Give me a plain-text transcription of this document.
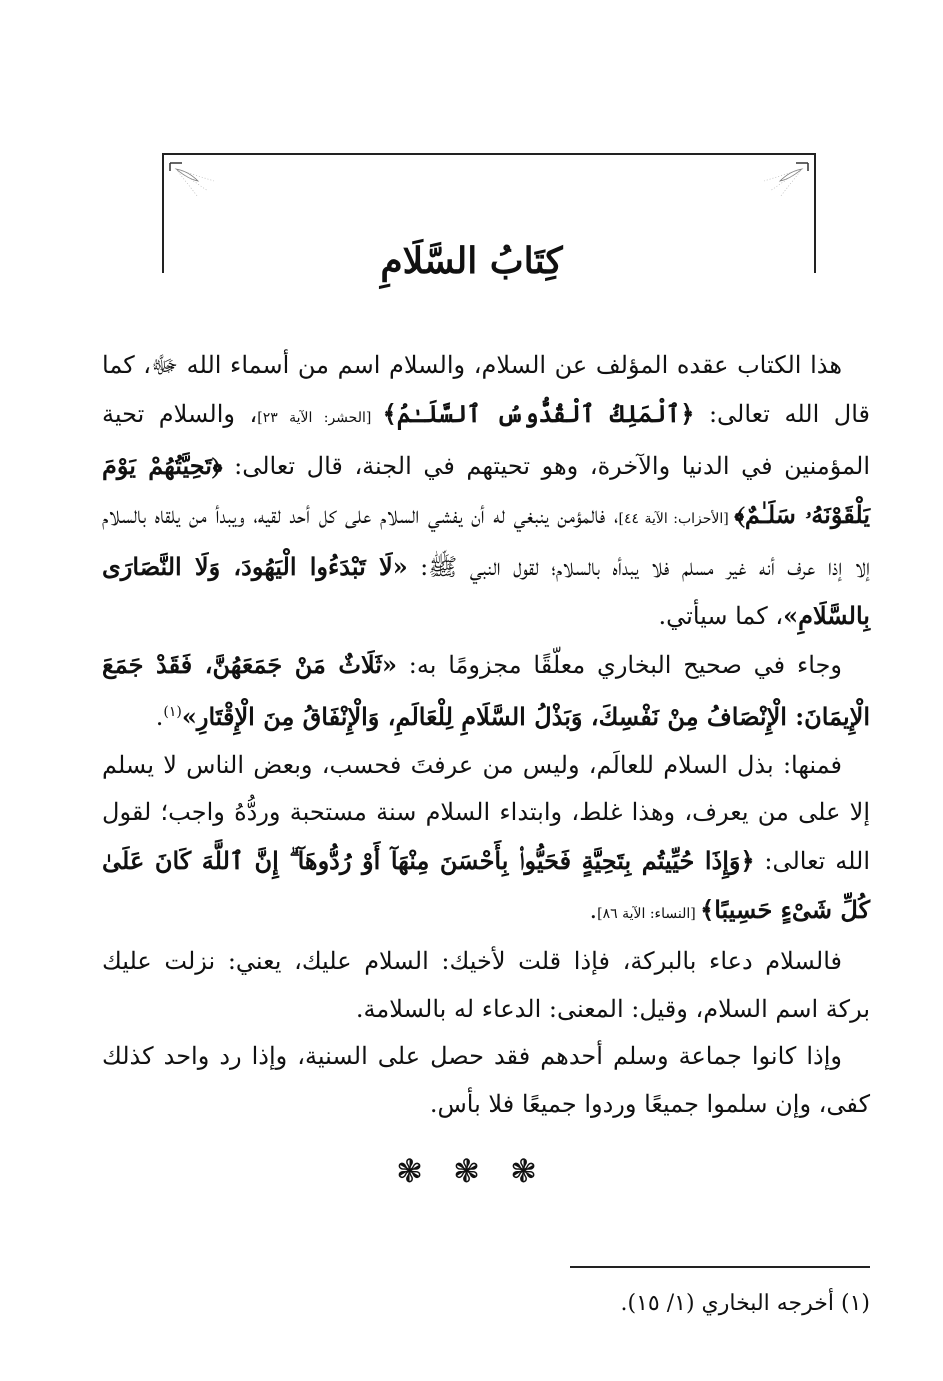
كِتَابُ السَّلَامِ

هذا الكتاب عقده المؤلف عن السلام، والسلام اسم من أسماء الله ﷻ، كما قال الله تعالى: ﴿ٱلْمَلِكُ ٱلْقُدُّوسُ ٱلسَّلَـٰمُ﴾ [الحشر: الآية ٢٣]، والسلام تحية المؤمنين في الدنيا والآخرة، وهو تحيتهم في الجنة، قال تعالى: ﴿تَحِيَّتُهُمْ يَوْمَ يَلْقَوْنَهُۥ سَلَـٰمٌ﴾ [الأحزاب: الآية ٤٤]، فالمؤمن ينبغي له أن يفشي السلام على كل أحد لقيه، ويبدأ من يلقاه بالسلام إلا إذا عرف أنه غير مسلم فلا يبدأه بالسلام؛ لقول النبي ﷺ: «لَا تَبْدَءُوا الْيَهُودَ، وَلَا النَّصَارَى بِالسَّلَامِ»، كما سيأتي.

وجاء في صحيح البخاري معلّقًا مجزومًا به: «ثَلَاثٌ مَنْ جَمَعَهُنَّ، فَقَدْ جَمَعَ الْإِيمَانَ: الْإِنْصَافُ مِنْ نَفْسِكَ، وَبَذْلُ السَّلَامِ لِلْعَالَمِ، وَالْإِنْفَاقُ مِنَ الْإِقْتَارِ»$^{(١)}$.

فمنها: بذل السلام للعالَم، وليس من عرفتَ فحسب، وبعض الناس لا يسلم إلا على من يعرف، وهذا غلط، وابتداء السلام سنة مستحبة وردُّهُ واجب؛ لقول الله تعالى: ﴿وَإِذَا حُيِّيتُم بِتَحِيَّةٍ فَحَيُّوا۟ بِأَحْسَنَ مِنْهَآ أَوْ رُدُّوهَآ ۗ إِنَّ ٱللَّهَ كَانَ عَلَىٰ كُلِّ شَىْءٍ حَسِيبًا﴾ [النساء: الآية ٨٦].

فالسلام دعاء بالبركة، فإذا قلت لأخيك: السلام عليك، يعني: نزلت عليك بركة اسم السلام، وقيل: المعنى: الدعاء له بالسلامة.

وإذا كانوا جماعة وسلم أحدهم فقد حصل على السنية، وإذا رد واحد كذلك كفى، وإن سلموا جميعًا وردوا جميعًا فلا بأس.

❃ ❃ ❃
(١) أخرجه البخاري (١/ ١٥).
